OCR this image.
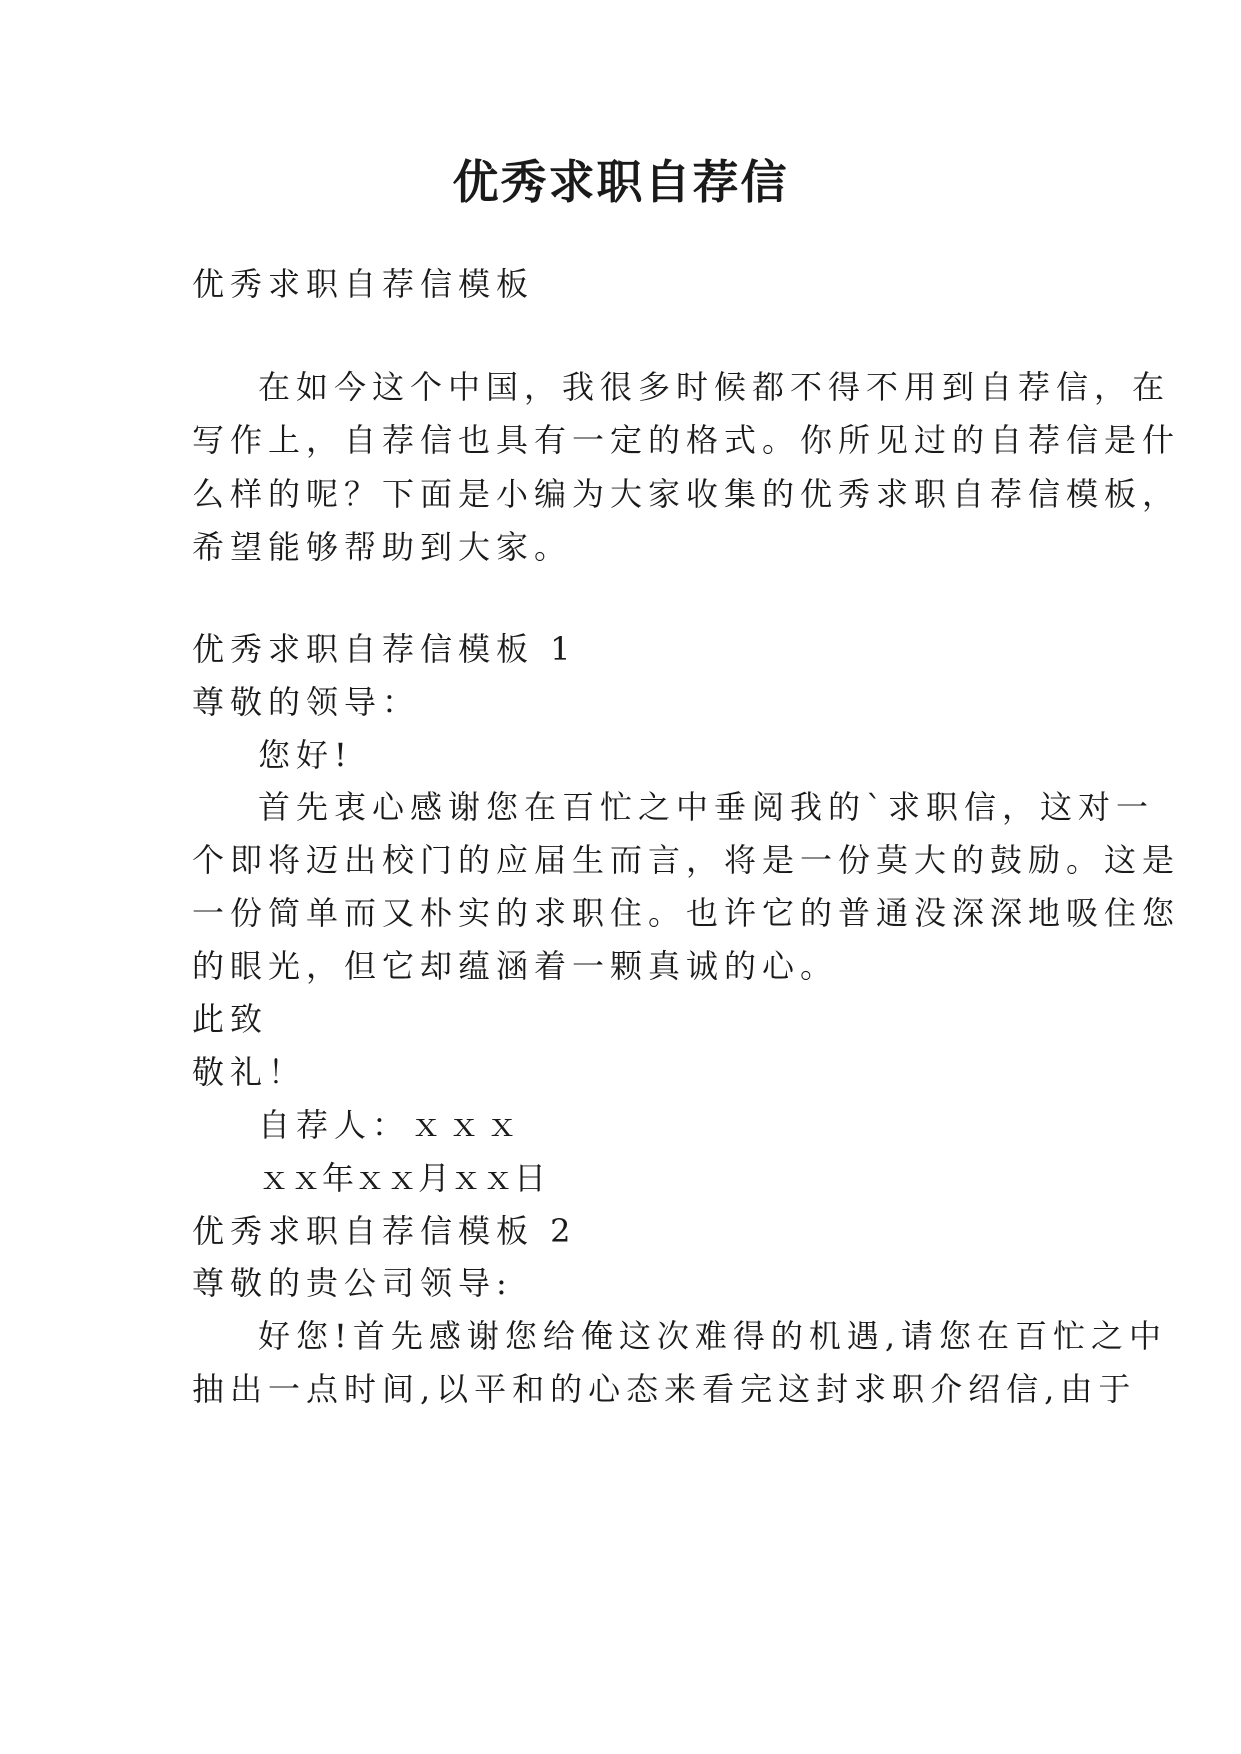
优秀求职自荐信
优秀求职自荐信模板
在如今这个中国，我很多时候都不得不用到自荐信，在
写作上，自荐信也具有一定的格式。你所见过的自荐信是什
么样的呢？下面是小编为大家收集的优秀求职自荐信模板，
希望能够帮助到大家。
优秀求职自荐信模板 1
尊敬的领导：
您好!
首先衷心感谢您在百忙之中垂阅我的`求职信，这对一
个即将迈出校门的应届生而言，将是一份莫大的鼓励。这是
一份简单而又朴实的求职住。也许它的普通没深深地吸住您
的眼光，但它却蕴涵着一颗真诚的心。
此致
敬礼！
自荐人：ｘｘｘ
ｘｘ年ｘｘ月ｘｘ日
优秀求职自荐信模板 2
尊敬的贵公司领导:
好您!首先感谢您给俺这次难得的机遇,请您在百忙之中
抽出一点时间,以平和的心态来看完这封求职介绍信,由于
